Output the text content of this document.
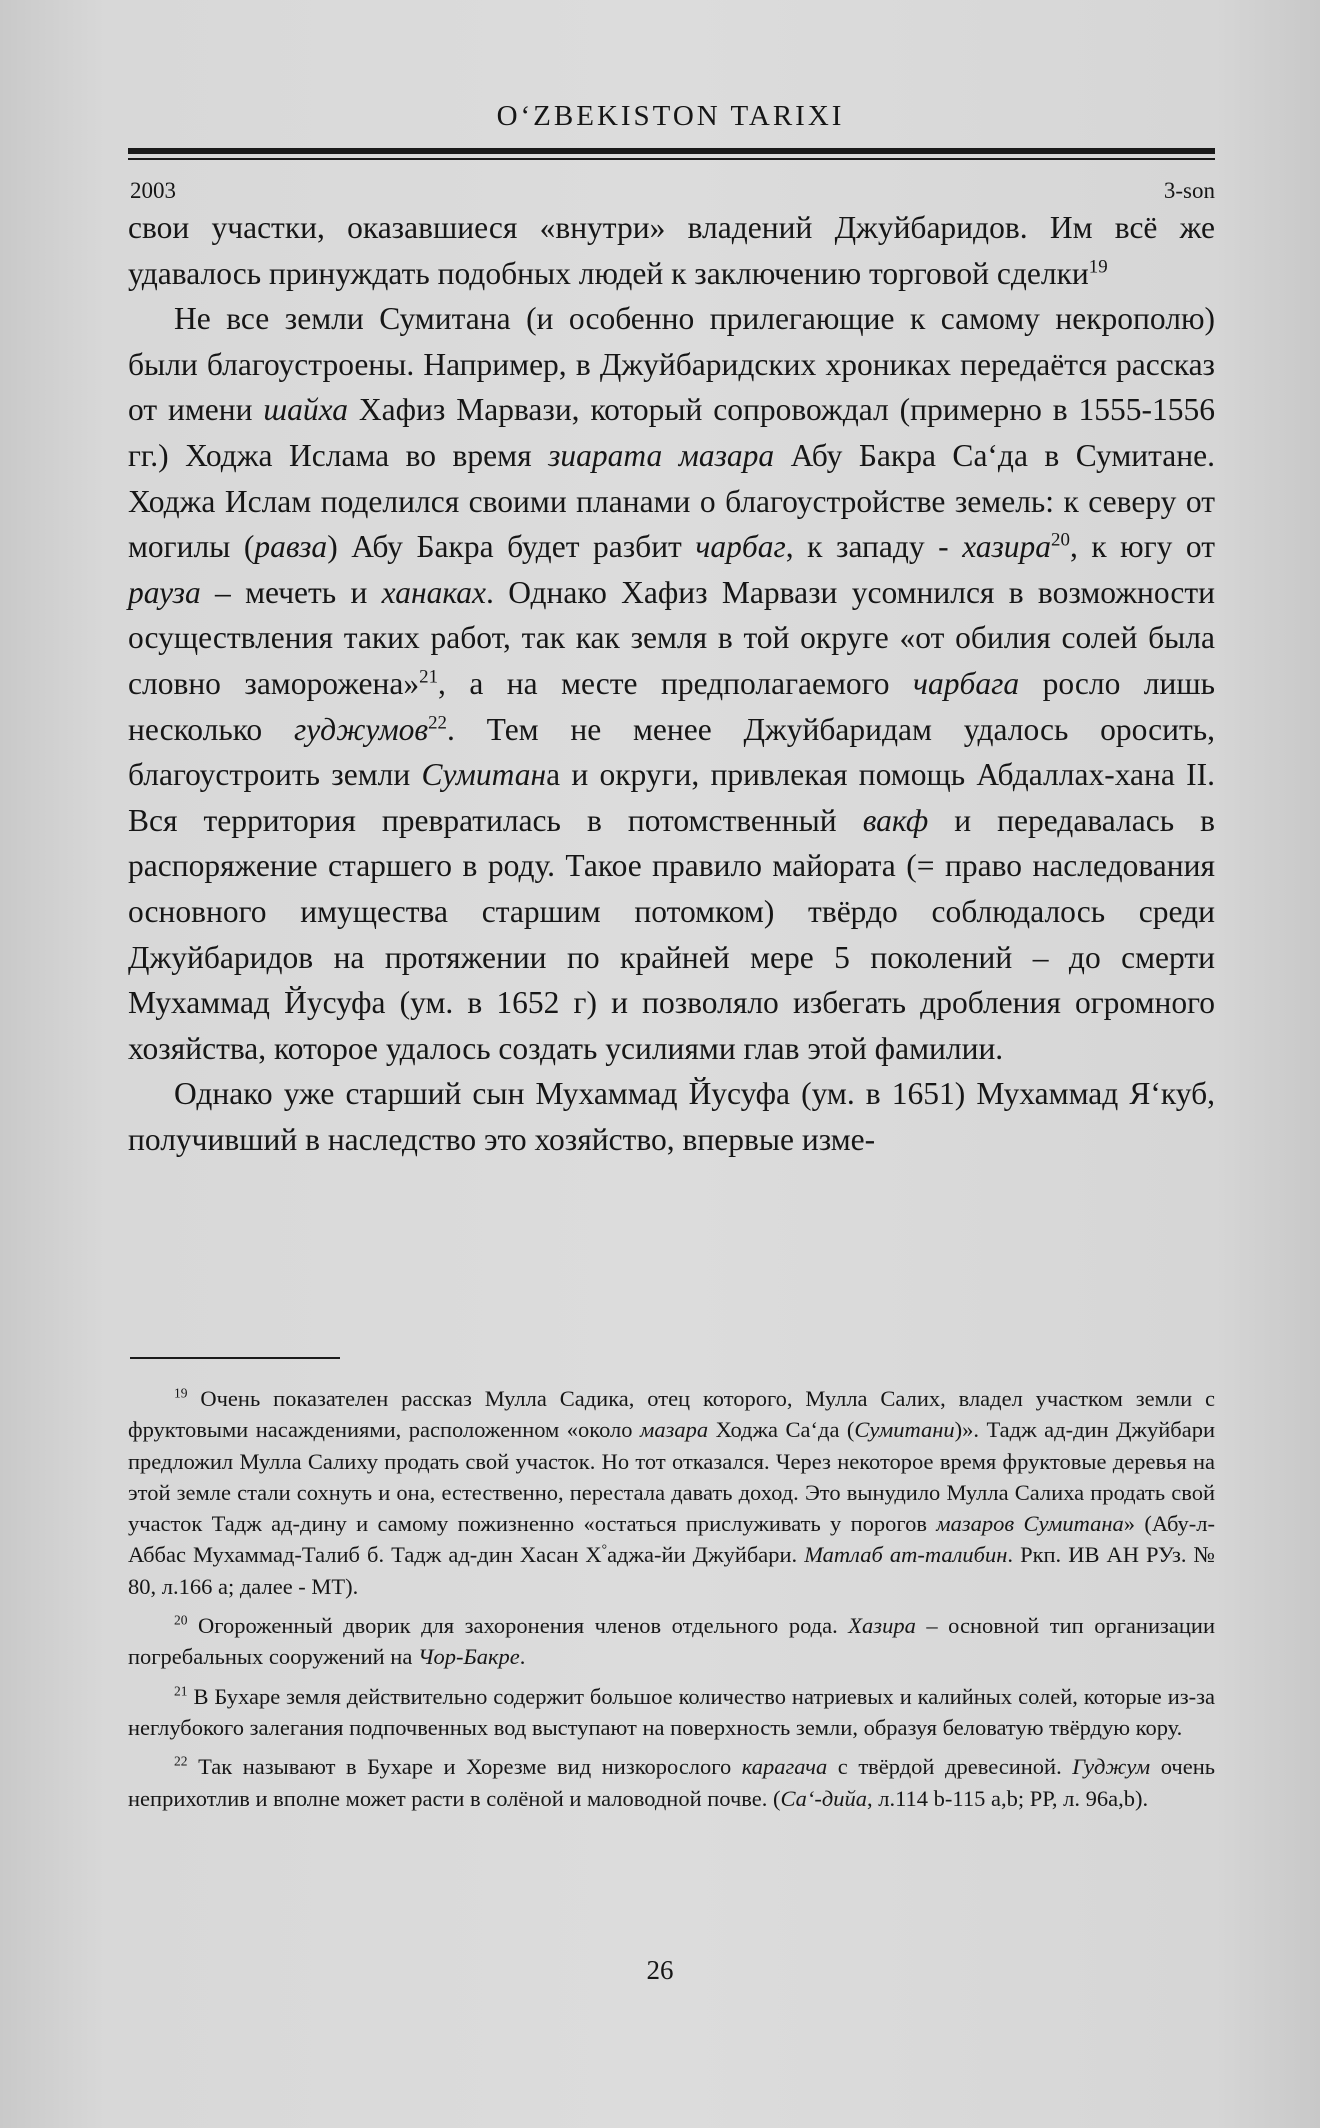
O‘ZBEKISTON TARIXI
2003	3-son

свои участки, оказавшиеся «внутри» владений Джуйбаридов. Им всё же удавалось принуждать подобных людей к заключению торговой сделки$^{19}$

Не все земли Сумитана (и особенно прилегающие к самому некрополю) были благоустроены. Например, в Джуйбаридских хрониках передаётся рассказ от имени шайха Хафиз Марвази, который сопровождал (примерно в 1555-1556 гг.) Ходжа Ислама во время зиарата мазара Абу Бакра Са‘да в Сумитане. Ходжа Ислам поделился своими планами о благоустройстве земель: к северу от могилы (равза) Абу Бакра будет разбит чарбаг, к западу - хазира$^{20}$, к югу от рауза – мечеть и ханаках. Однако Хафиз Марвази усомнился в возможности осуществления таких работ, так как земля в той округе «от обилия солей была словно заморожена»$^{21}$, а на месте предполагаемого чарбага росло лишь несколько гуджумов$^{22}$. Тем не менее Джуйбаридам удалось оросить, благоустроить земли Сумитана и округи, привлекая помощь Абдаллах-хана II. Вся территория превратилась в потомственный вакф и передавалась в распоряжение старшего в роду. Такое правило майората (= право наследования основного имущества старшим потомком) твёрдо соблюдалось среди Джуйбаридов на протяжении по крайней мере 5 поколений – до смерти Мухаммад Йусуфа (ум. в 1652 г) и позволяло избегать дробления огромного хозяйства, которое удалось создать усилиями глав этой фамилии.

Однако уже старший сын Мухаммад Йусуфа (ум. в 1651) Мухаммад Я‘куб, получивший в наследство это хозяйство, впервые изме-

$^{19}$ Очень показателен рассказ Мулла Садика, отец которого, Мулла Салих, владел участком земли с фруктовыми насаждениями, расположенном «около мазара Ходжа Са‘да (Сумитани)». Тадж ад-дин Джуйбари предложил Мулла Салиху продать свой участок. Но тот отказался. Через некоторое время фруктовые деревья на этой земле стали сохнуть и она, естественно, перестала давать доход. Это вынудило Мулла Салиха продать свой участок Тадж ад-дину и самому пожизненно «остаться прислуживать у порогов мазаров Сумитана» (Абу-л-Аббас Мухаммад-Талиб б. Тадж ад-дин Хасан Х°аджа-йи Джуйбари. Матлаб ат-талибин. Ркп. ИВ АН РУз. № 80, л.166 а; далее - МТ).

$^{20}$ Огороженный дворик для захоронения членов отдельного рода. Хазира – основной тип организации погребальных сооружений на Чор-Бакре.

$^{21}$ В Бухаре земля действительно содержит большое количество натриевых и калийных солей, которые из-за неглубокого залегания подпочвенных вод выступают на поверхность земли, образуя беловатую твёрдую кору.

$^{22}$ Так называют в Бухаре и Хорезме вид низкорослого карагача с твёрдой древесиной. Гуджум очень неприхотлив и вполне может расти в солёной и маловодной почве. (Са‘-дийа, л.114 b-115 a,b; РР, л. 96а,b).

26
